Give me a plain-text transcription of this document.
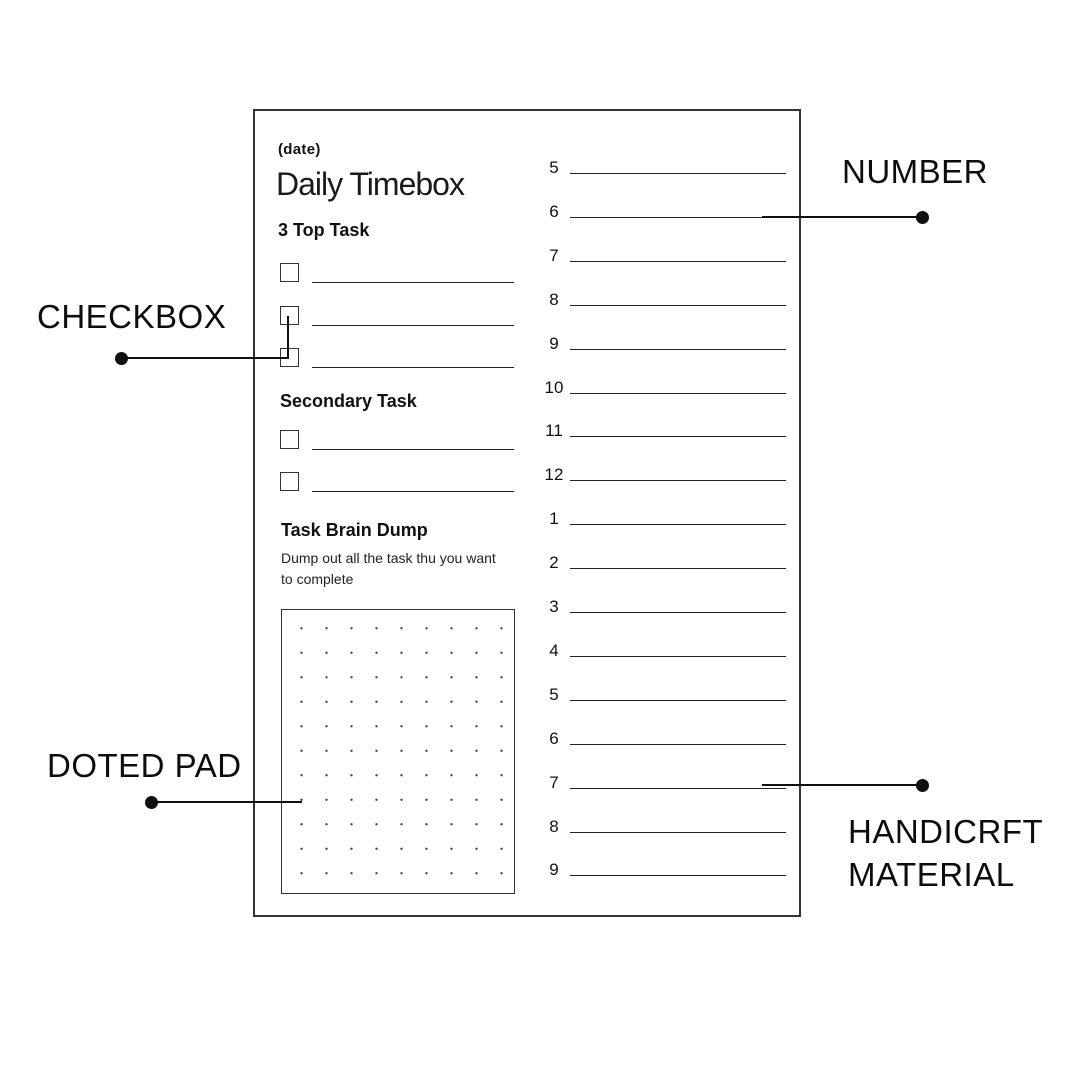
(date)
Daily Timebox
3 Top Task
Secondary Task
Task Brain Dump
Dump out all the task thu you want
to complete
5
6
7
8
9
10
11
12
1
2
3
4
5
6
7
8
9
NUMBER
CHECKBOX
DOTED PAD
HANDICRFT
MATERIAL
